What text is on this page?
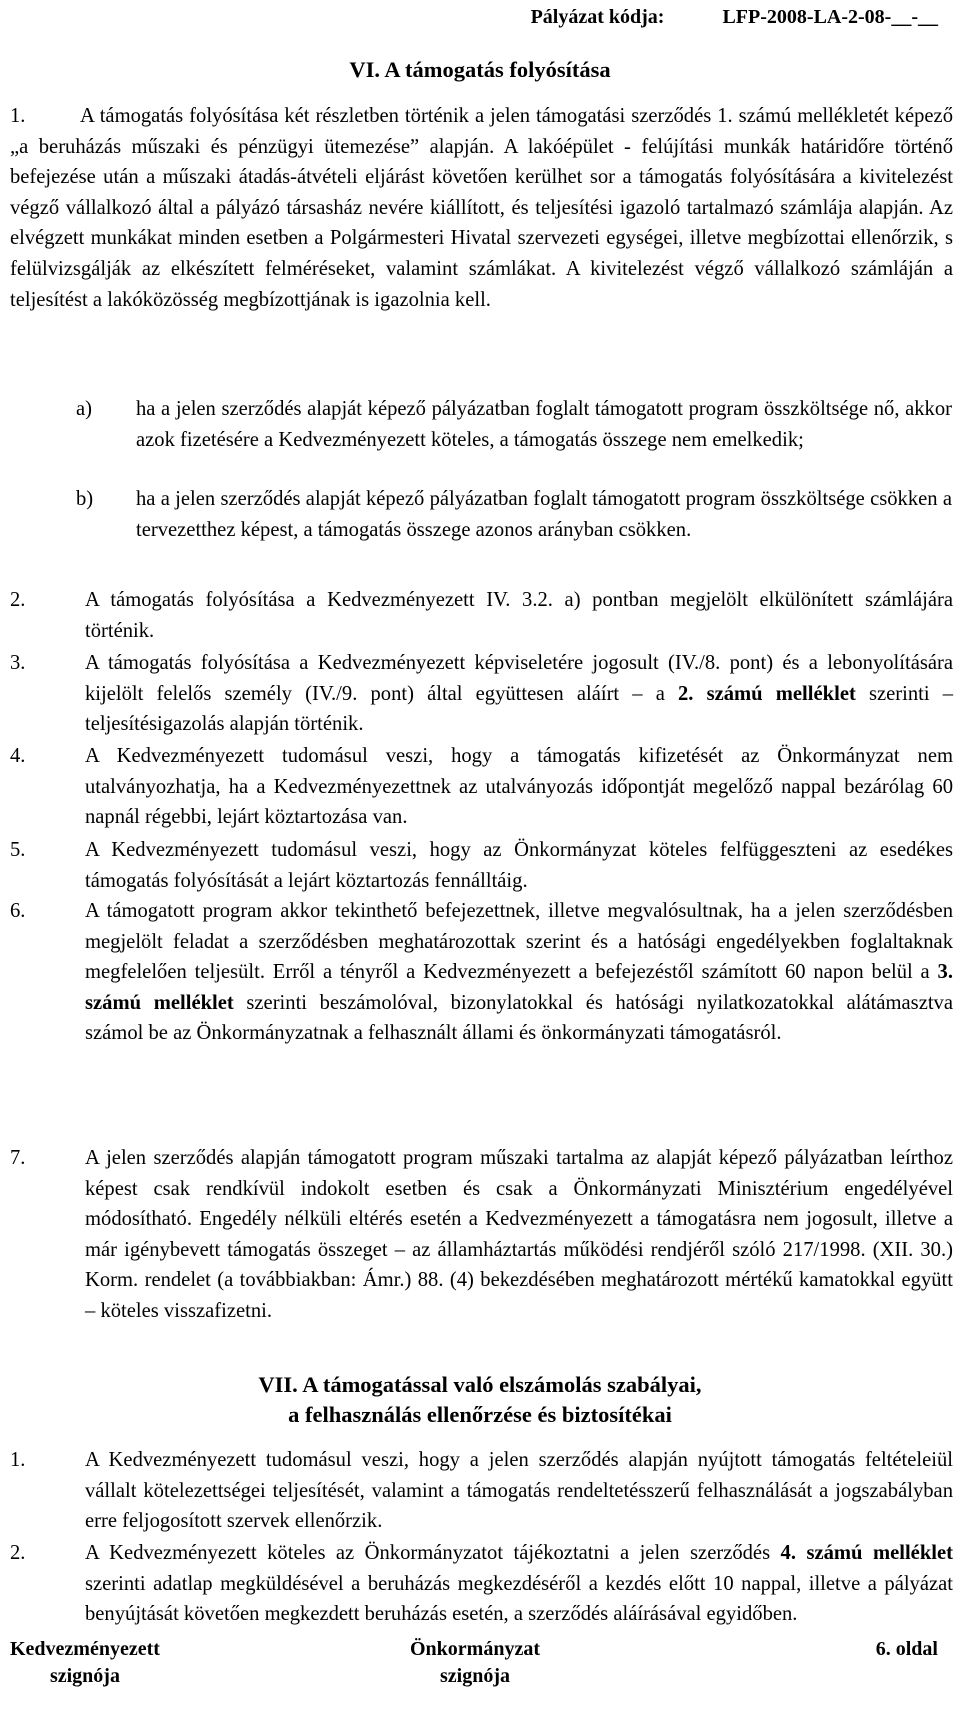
Pályázat kódja:	LFP-2008-LA-2-08-__-__
VI. A támogatás folyósítása
1.	A támogatás folyósítása két részletben történik a jelen támogatási szerződés 1. számú mellékletét képező „a beruházás műszaki és pénzügyi ütemezése” alapján. A lakóépület - felújítási munkák határidőre történő befejezése után a műszaki átadás-átvételi eljárást követően kerülhet sor a támogatás folyósítására a kivitelezést végző vállalkozó által a pályázó társasház nevére kiállított, és teljesítési igazoló tartalmazó számlája alapján. Az elvégzett munkákat minden esetben a Polgármesteri Hivatal szervezeti egységei, illetve megbízottai ellenőrzik, s felülvizsgálják az elkészített felméréseket, valamint számlákat. A kivitelezést végző vállalkozó számláján a teljesítést a lakóközösség megbízottjának is igazolnia kell.
a) ha a jelen szerződés alapját képező pályázatban foglalt támogatott program összköltsége nő, akkor azok fizetésére a Kedvezményezett köteles, a támogatás összege nem emelkedik;
b) ha a jelen szerződés alapját képező pályázatban foglalt támogatott program összköltsége csökken a tervezetthez képest, a támogatás összege azonos arányban csökken.
2.	A támogatás folyósítása a Kedvezményezett IV. 3.2. a) pontban megjelölt elkülönített számlájára történik.
3.	A támogatás folyósítása a Kedvezményezett képviseletére jogosult (IV./8. pont) és a lebonyolítására kijelölt felelős személy (IV./9. pont) által együttesen aláírt – a 2. számú melléklet szerinti – teljesítésigazolás alapján történik.
4.	A Kedvezményezett tudomásul veszi, hogy a támogatás kifizetését az Önkormányzat nem utalványozhatja, ha a Kedvezményezettnek az utalványozás időpontját megelőző nappal bezárólag 60 napnál régebbi, lejárt köztartozása van.
5.	A Kedvezményezett tudomásul veszi, hogy az Önkormányzat köteles felfüggeszteni az esedékes támogatás folyósítását a lejárt köztartozás fennálltáig.
6.	A támogatott program akkor tekinthető befejezettnek, illetve megvalósultnak, ha a jelen szerződésben megjelölt feladat a szerződésben meghatározottak szerint és a hatósági engedélyekben foglaltaknak megfelelően teljesült. Erről a tényről a Kedvezményezett a befejezéstől számított 60 napon belül a 3. számú melléklet szerinti beszámolóval, bizonylatokkal és hatósági nyilatkozatokkal alátámasztva számol be az Önkormányzatnak a felhasznált állami és önkormányzati támogatásról.
7.	A jelen szerződés alapján támogatott program műszaki tartalma az alapját képező pályázatban leírthoz képest csak rendkívül indokolt esetben és csak a Önkormányzati Minisztérium engedélyével módosítható. Engedély nélküli eltérés esetén a Kedvezményezett a támogatásra nem jogosult, illetve a már igénybevett támogatás összeget – az államháztartás működési rendjéről szóló 217/1998. (XII. 30.) Korm. rendelet (a továbbiakban: Ámr.) 88. (4) bekezdésében meghatározott mértékű kamatokkal együtt – köteles visszafizetni.
VII. A támogatással való elszámolás szabályai,
a felhasználás ellenőrzése és biztosítékai
1.	A Kedvezményezett tudomásul veszi, hogy a jelen szerződés alapján nyújtott támogatás feltételeiül vállalt kötelezettségei teljesítését, valamint a támogatás rendeltetésszerű felhasználását a jogszabályban erre feljogosított szervek ellenőrzik.
2.	A Kedvezményezett köteles az Önkormányzatot tájékoztatni a jelen szerződés 4. számú melléklet szerinti adatlap megküldésével a beruházás megkezdéséről a kezdés előtt 10 nappal, illetve a pályázat benyújtását követően megkezdett beruházás esetén, a szerződés aláírásával egyidőben.
Kedvezményezett
szignója
Önkormányzat
szignója
6. oldal
